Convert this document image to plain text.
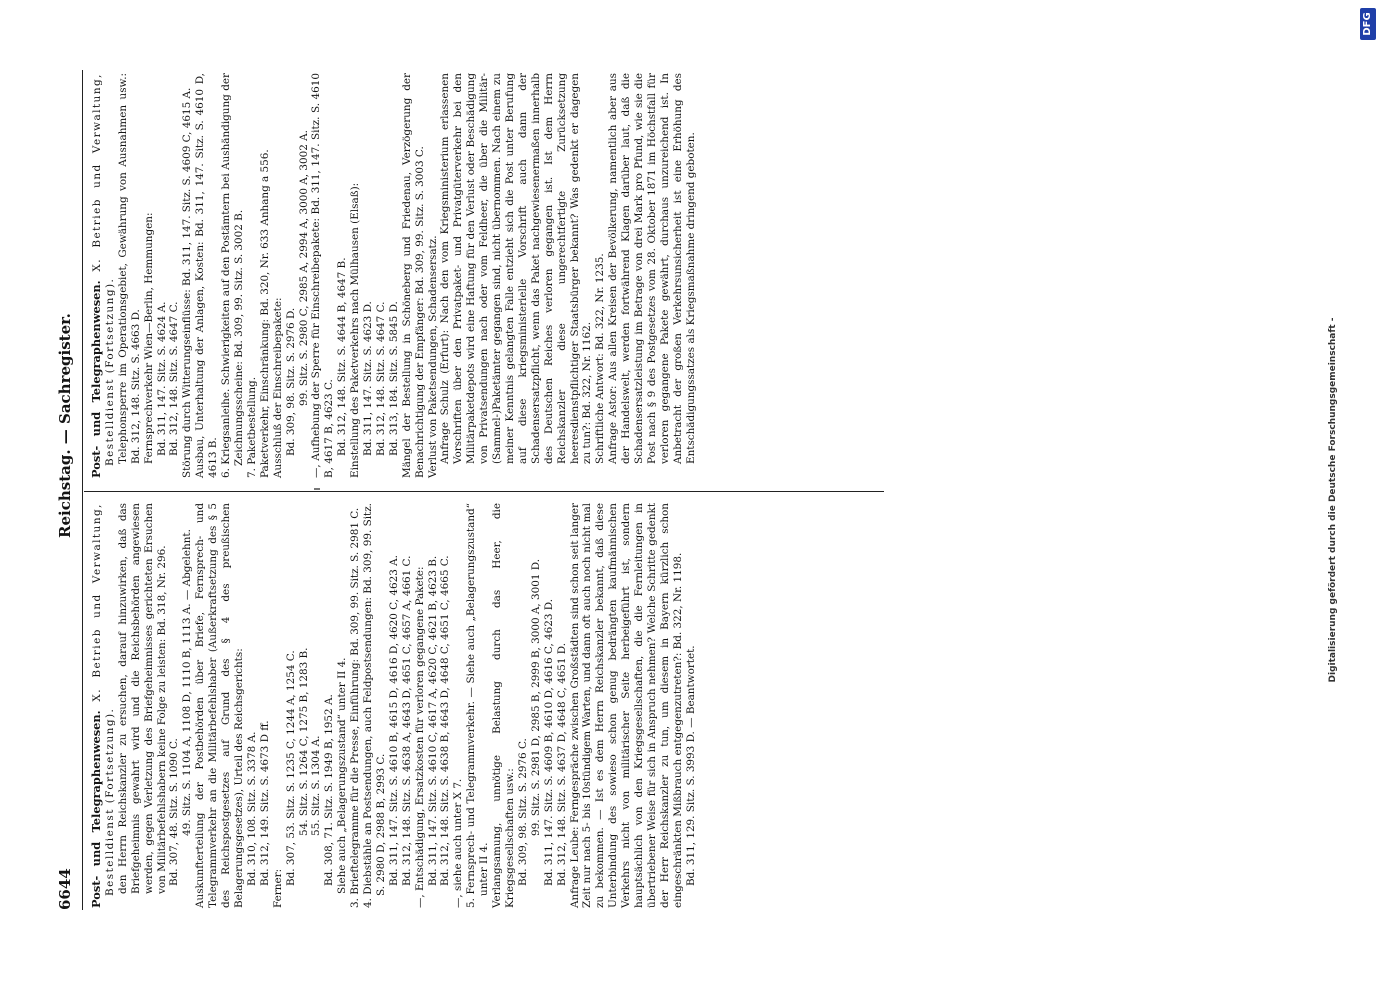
6644
Reichstag. — Sachregister.

Post- und Telegraphenwesen. X. Betrieb und Verwaltung, Bestelldienst (Fortsetzung). den Herrn Reichskanzler zu ersuchen, darauf hinzuwirken, daß das Briefgeheimnis gewahrt wird und die Reichsbehörden angewiesen werden, gegen Verletzung des Briefgeheimnisses gerichteten Ersuchen von Militärbefehlshabern keine Folge zu leisten: Bd. 318, Nr. 296. Bd. 307, 48. Sitz. S. 1090 C. 49. Sitz. S. 1104 A, 1108 D, 1110 B, 1113 A. — Abgelehnt. Auskunfterteilung der Postbehörden über Briefe, Fernsprech- und Telegrammverkehr an die Militärbefehlshaber (Außerkraftsetzung des § 5 des Reichspostgesetzes auf Grund des § 4 des preußischen Belagerungsgesetzes), Urteil des Reichsgerichts: Bd. 310, 108. Sitz. S. 3378 A. Bd. 312, 149. Sitz. S. 4673 D ff.

Ferner:

Bd. 307, 53. Sitz. S. 1235 C, 1244 A, 1254 C. 54. Sitz. S. 1264 C, 1275 B, 1283 B. 55. Sitz. S. 1304 A. Bd. 308, 71. Sitz. S. 1949 B, 1952 A. Siehe auch „Belagerungszustand“ unter II 4. 3. Brieftelegramme für die Presse, Einführung: Bd. 309, 99. Sitz. S. 2981 C. 4. Diebstähle an Postsendungen, auch Feldpostsendungen: Bd. 309, 99. Sitz. S. 2980 D, 2988 B, 2993 C. Bd. 311, 147. Sitz. S. 4610 B, 4615 D, 4616 D, 4620 C, 4623 A. Bd. 312, 148. Sitz. S. 4638 A, 4643 D, 4651 C, 4657 A, 4661 C. —, Entschädigung, Ersatzkosten für verloren gegangene Pakete: Bd. 311, 147. Sitz. S. 4610 C, 4617 A, 4620 C, 4621 B, 4623 B. Bd. 312, 148. Sitz. S. 4638 B, 4643 D, 4648 C, 4651 C, 4665 C. —, siehe auch unter X 7. 5. Fernsprech- und Telegrammverkehr. — Siehe auch „Belagerungszustand“ unter II 4. Verlangsamung, unnötige Belastung durch das Heer, die Kriegsgesellschaften usw.: Bd. 309, 98. Sitz. S. 2976 C. 99. Sitz. S. 2981 D, 2985 B, 2999 B, 3000 A, 3001 D. Bd. 311, 147. Sitz. S. 4609 B, 4610 D, 4616 C, 4623 D. Bd. 312, 148. Sitz. S. 4637 D, 4648 C, 4651 D. Anfrage Leube: Ferngespräche zwischen Großstädten sind schon seit langer Zeit nur nach 5- bis 10stündigem Warten, und dann oft auch noch nicht mal zu bekommen. — Ist es dem Herrn Reichskanzler bekannt, daß diese Unterbindung des sowieso schon genug bedrängten kaufmännischen Verkehrs nicht von militärischer Seite herbeigeführt ist, sondern hauptsächlich von den Kriegsgesellschaften, die die Fernleitungen in übertriebener Weise für sich in Anspruch nehmen? Welche Schritte gedenkt der Herr Reichskanzler zu tun, um diesem in Bayern kürzlich schon eingeschränkten Mißbrauch entgegenzutreten?: Bd. 322, Nr. 1198. Bd. 311, 129. Sitz. S. 3993 D. — Beantwortet.

Post- und Telegraphenwesen. X. Betrieb und Verwaltung, Bestelldienst (Fortsetzung). Telephonsperre im Operationsgebiet, Gewährung von Ausnahmen usw.: Bd. 312, 148. Sitz. S. 4663 D. Fernsprechverkehr Wien—Berlin, Hemmungen: Bd. 311, 147. Sitz. S. 4624 A. Bd. 312, 148. Sitz. S. 4647 C. Störung durch Witterungseinflüsse: Bd. 311, 147. Sitz. S. 4609 C, 4615 A. Ausbau, Unterhaltung der Anlagen, Kosten: Bd. 311, 147. Sitz. S. 4610 D, 4613 B. 6. Kriegsanleihe. Schwierigkeiten auf den Postämtern bei Aushändigung der Zeichnungsscheine: Bd. 309, 99. Sitz. S. 3002 B. 7. Paketbestellung. Paketverkehr, Einschränkung: Bd. 320, Nr. 633 Anhang a 556. Ausschluß der Einschreibepakete: Bd. 309, 98. Sitz. S. 2976 D. 99. Sitz. S. 2980 C, 2985 A, 2994 A, 3000 A, 3002 A. —, Aufhebung der Sperre für Einschreibepakete: Bd. 311, 147. Sitz. S. 4610 B, 4617 B, 4623 C. Bd. 312, 148. Sitz. S. 4644 B, 4647 B. Einstellung des Paketverkehrs nach Mülhausen (Elsaß): Bd. 311, 147. Sitz. S. 4623 D. Bd. 312, 148. Sitz. S. 4647 C. Bd. 313, 184. Sitz. S. 5845 D. Mängel der Bestellung in Schöneberg und Friedenau, Verzögerung der Benachrichtigung der Empfänger: Bd. 309, 99. Sitz. S. 3003 C. Verlust von Paketsendungen, Schadensersatz. Anfrage Schulz (Erfurt): Nach den vom Kriegsministerium erlassenen Vorschriften über den Privatpaket- und Privatgüterverkehr bei den Militärpaketdepots wird eine Haftung für den Verlust oder Beschädigung von Privatsendungen nach oder vom Feldheer, die über die Militär-(Sammel-)Paketämter gegangen sind, nicht übernommen. Nach einem zu meiner Kenntnis gelangten Falle entzieht sich die Post unter Berufung auf diese kriegsministerielle Vorschrift auch dann der Schadensersatzpflicht, wenn das Paket nachgewiesenermaßen innerhalb des Deutschen Reiches verloren gegangen ist. Ist dem Herrn Reichskanzler diese ungerechtfertigte Zurücksetzung heeresdienstpflichtiger Staatsbürger bekannt? Was gedenkt er dagegen zu tun?: Bd. 322, Nr. 1162. Schriftliche Antwort: Bd. 322, Nr. 1235. Anfrage Astor: Aus allen Kreisen der Bevölkerung, namentlich aber aus der Handelswelt, werden fortwährend Klagen darüber laut, daß die Schadensersatzleistung im Betrage von drei Mark pro Pfund, wie sie die Post nach § 9 des Postgesetzes vom 28. Oktober 1871 im Höchstfall für verloren gegangene Pakete gewährt, durchaus unzureichend ist. In Anbetracht der großen Verkehrsunsicherheit ist eine Erhöhung des Entschädigungssatzes als Kriegsmaßnahme dringend geboten.

Digitalisierung gefördert durch die Deutsche Forschungsgemeinschaft -
DFG
